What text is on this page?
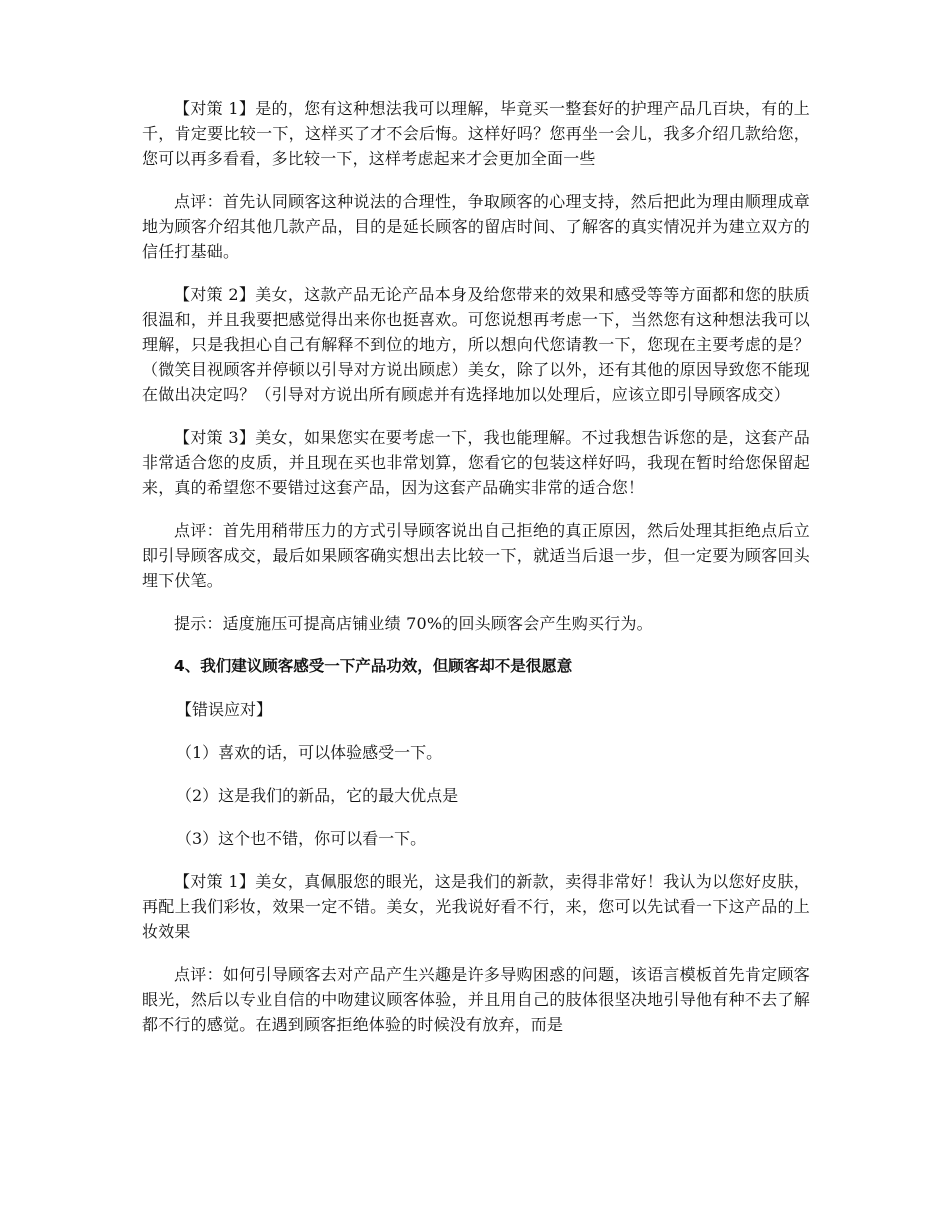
【对策 1】是的，您有这种想法我可以理解，毕竟买一整套好的护理产品几百块，有的上千，肯定要比较一下，这样买了才不会后悔。这样好吗？您再坐一会儿，我多介绍几款给您，您可以再多看看，多比较一下，这样考虑起来才会更加全面一些

点评：首先认同顾客这种说法的合理性，争取顾客的心理支持，然后把此为理由顺理成章地为顾客介绍其他几款产品，目的是延长顾客的留店时间、了解客的真实情况并为建立双方的信任打基础。

【对策 2】美女，这款产品无论产品本身及给您带来的效果和感受等等方面都和您的肤质很温和，并且我要把感觉得出来你也挺喜欢。可您说想再考虑一下，当然您有这种想法我可以理解，只是我担心自己有解释不到位的地方，所以想向代您请教一下，您现在主要考虑的是？（微笑目视顾客并停顿以引导对方说出顾虑）美女，除了以外，还有其他的原因导致您不能现在做出决定吗？（引导对方说出所有顾虑并有选择地加以处理后，应该立即引导顾客成交）

【对策 3】美女，如果您实在要考虑一下，我也能理解。不过我想告诉您的是，这套产品非常适合您的皮质，并且现在买也非常划算，您看它的包装这样好吗，我现在暂时给您保留起来，真的希望您不要错过这套产品，因为这套产品确实非常的适合您！

点评：首先用稍带压力的方式引导顾客说出自己拒绝的真正原因，然后处理其拒绝点后立即引导顾客成交，最后如果顾客确实想出去比较一下，就适当后退一步，但一定要为顾客回头埋下伏笔。

提示：适度施压可提高店铺业绩 70%的回头顾客会产生购买行为。

4、我们建议顾客感受一下产品功效，但顾客却不是很愿意

【错误应对】

（1）喜欢的话，可以体验感受一下。

（2）这是我们的新品，它的最大优点是

（3）这个也不错，你可以看一下。

【对策 1】美女，真佩服您的眼光，这是我们的新款，卖得非常好！我认为以您好皮肤，再配上我们彩妆，效果一定不错。美女，光我说好看不行，来，您可以先试看一下这产品的上妆效果

点评：如何引导顾客去对产品产生兴趣是许多导购困惑的问题，该语言模板首先肯定顾客眼光，然后以专业自信的中吻建议顾客体验，并且用自己的肢体很坚决地引导他有种不去了解都不行的感觉。在遇到顾客拒绝体验的时候没有放弃，而是
